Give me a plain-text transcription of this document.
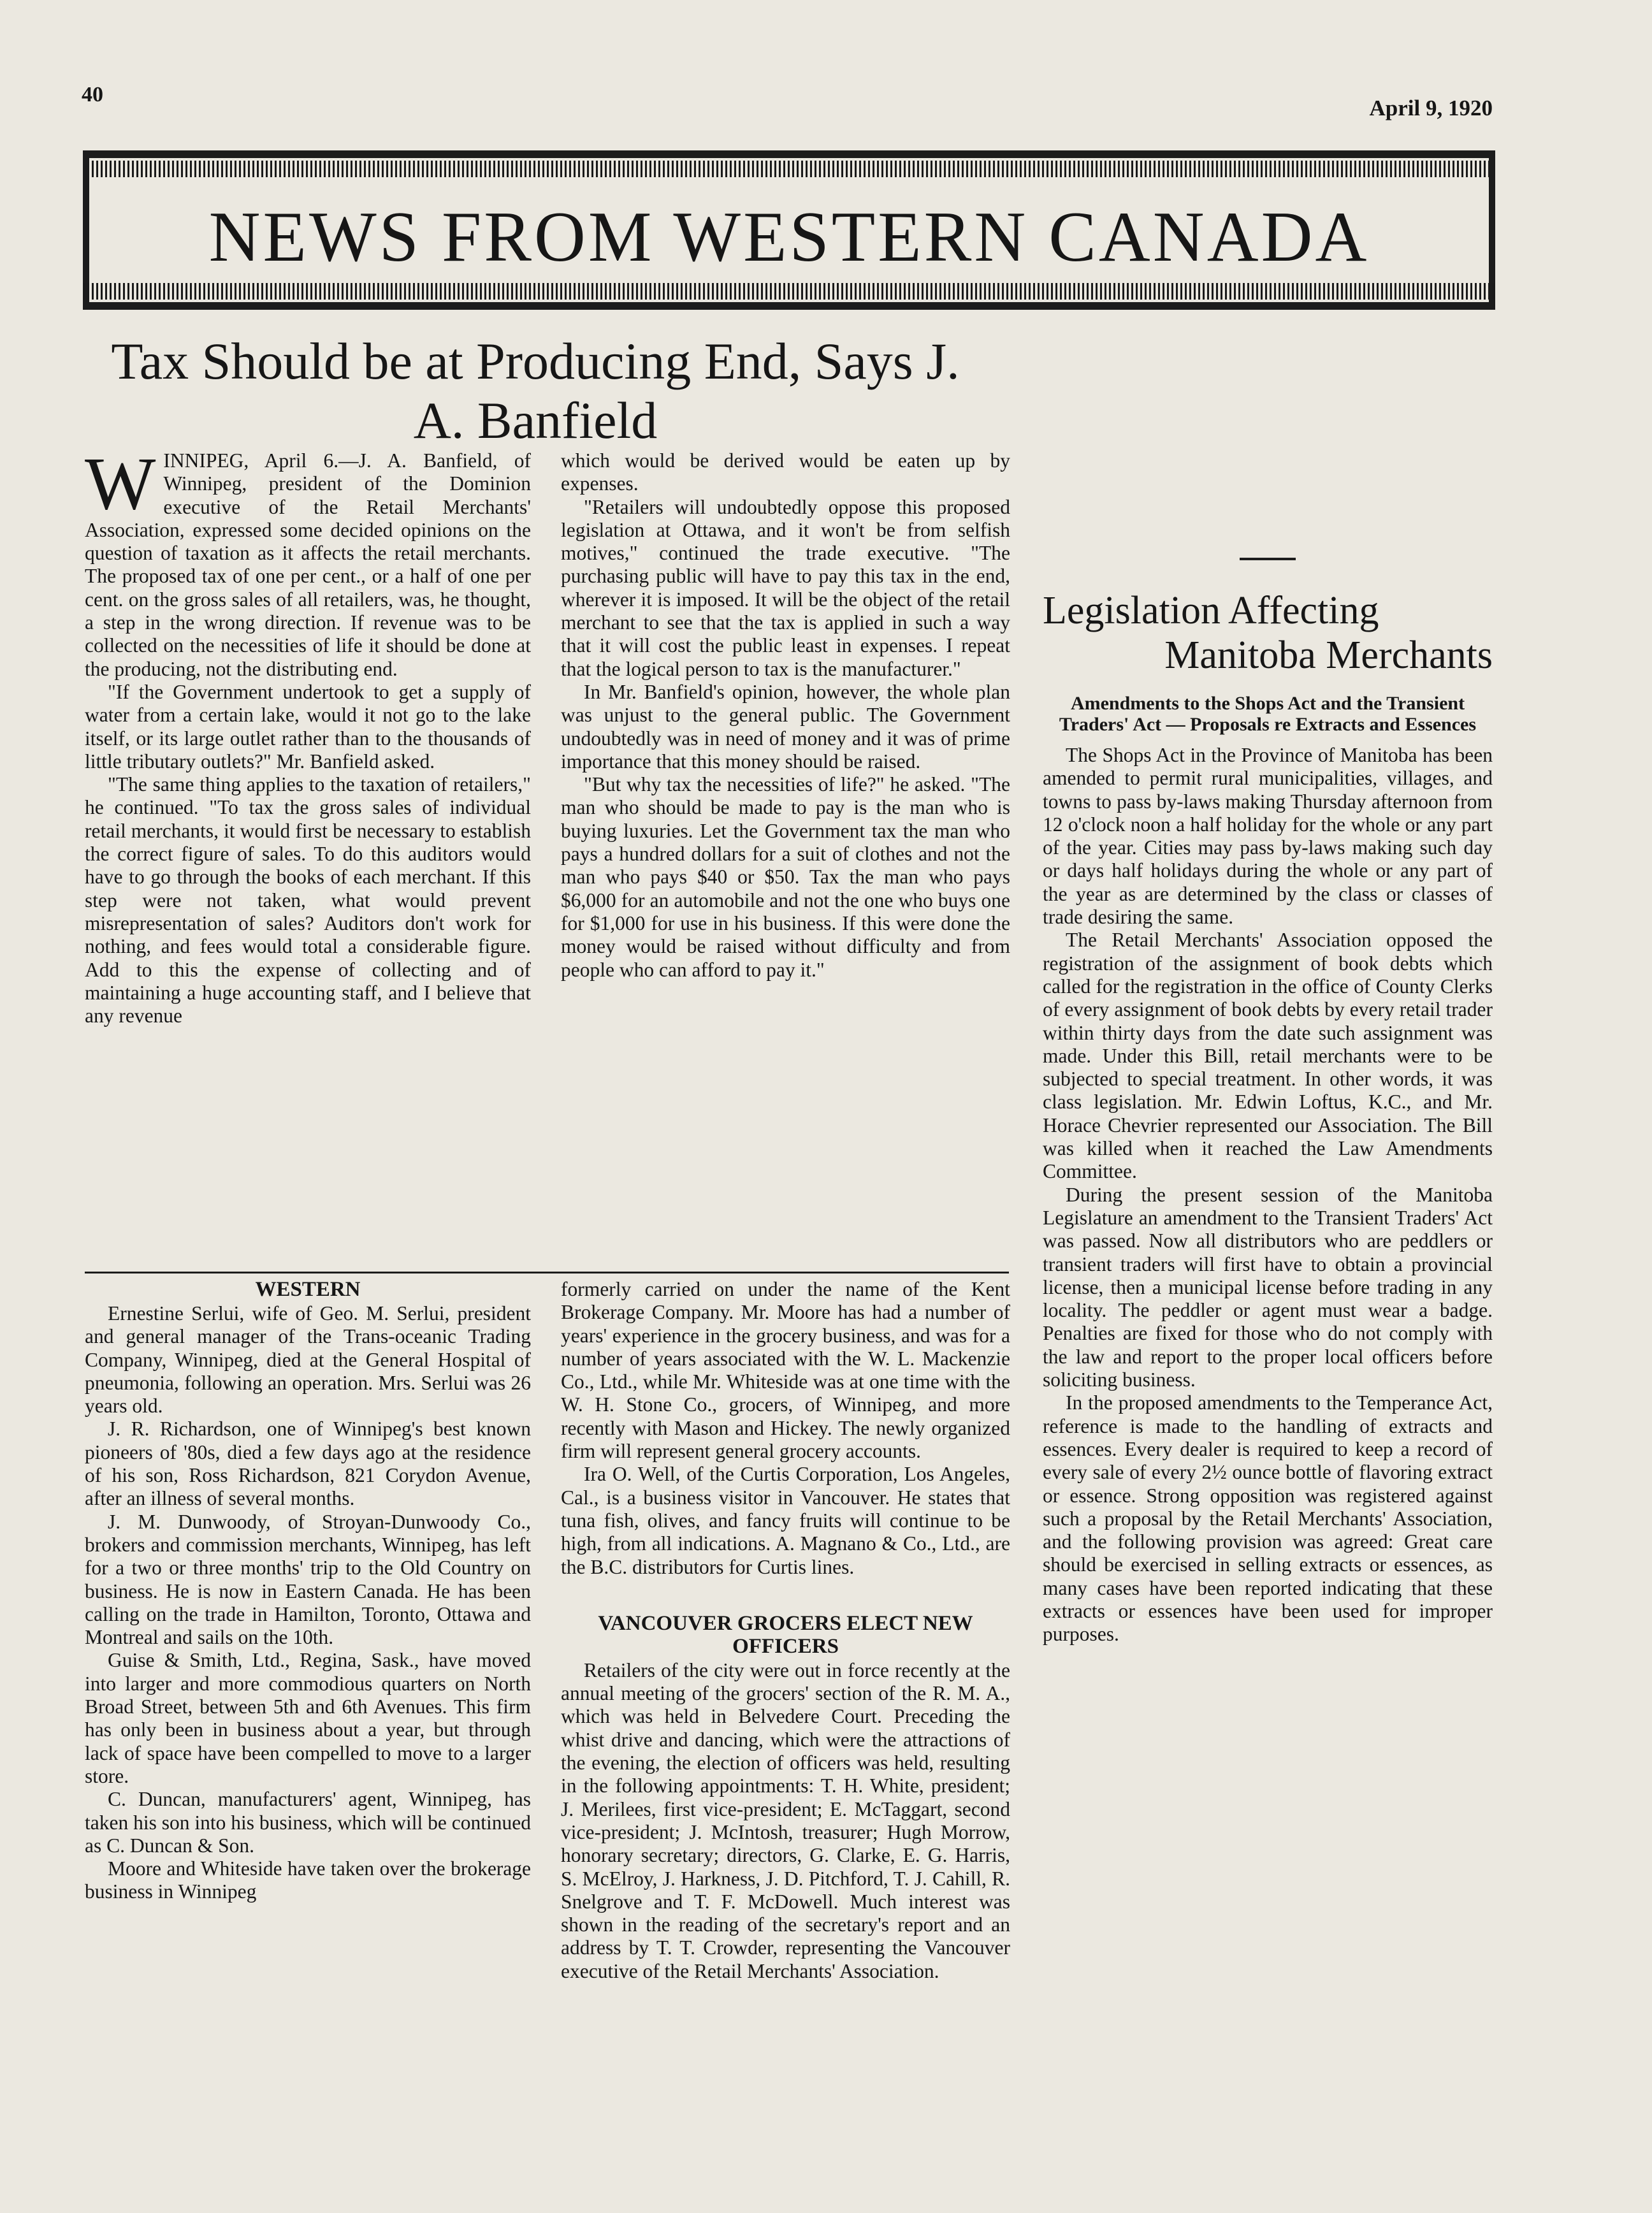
40
April 9, 1920
NEWS FROM WESTERN CANADA
Tax Should be at Producing End, Says J. A. Banfield

WINNIPEG, April 6.—J. A. Banfield, of Winnipeg, president of the Dominion executive of the Retail Merchants' Association, expressed some decided opinions on the question of taxation as it affects the retail merchants. The proposed tax of one per cent., or a half of one per cent. on the gross sales of all retailers, was, he thought, a step in the wrong direction. If revenue was to be collected on the necessities of life it should be done at the producing, not the distributing end.

"If the Government undertook to get a supply of water from a certain lake, would it not go to the lake itself, or its large outlet rather than to the thousands of little tributary outlets?" Mr. Banfield asked.

"The same thing applies to the taxation of retailers," he continued. "To tax the gross sales of individual retail merchants, it would first be necessary to establish the correct figure of sales. To do this auditors would have to go through the books of each merchant. If this step were not taken, what would prevent misrepresentation of sales? Auditors don't work for nothing, and fees would total a considerable figure. Add to this the expense of collecting and of maintaining a huge accounting staff, and I believe that any revenue

which would be derived would be eaten up by expenses.

"Retailers will undoubtedly oppose this proposed legislation at Ottawa, and it won't be from selfish motives," continued the trade executive. "The purchasing public will have to pay this tax in the end, wherever it is imposed. It will be the object of the retail merchant to see that the tax is applied in such a way that it will cost the public least in expenses. I repeat that the logical person to tax is the manufacturer."

In Mr. Banfield's opinion, however, the whole plan was unjust to the general public. The Government undoubtedly was in need of money and it was of prime importance that this money should be raised.

"But why tax the necessities of life?" he asked. "The man who should be made to pay is the man who is buying luxuries. Let the Government tax the man who pays a hundred dollars for a suit of clothes and not the man who pays $40 or $50. Tax the man who pays $6,000 for an automobile and not the one who buys one for $1,000 for use in his business. If this were done the money would be raised without difficulty and from people who can afford to pay it."

WESTERN

Ernestine Serlui, wife of Geo. M. Serlui, president and general manager of the Trans-oceanic Trading Company, Winnipeg, died at the General Hospital of pneumonia, following an operation. Mrs. Serlui was 26 years old.

J. R. Richardson, one of Winnipeg's best known pioneers of '80s, died a few days ago at the residence of his son, Ross Richardson, 821 Corydon Avenue, after an illness of several months.

J. M. Dunwoody, of Stroyan-Dunwoody Co., brokers and commission merchants, Winnipeg, has left for a two or three months' trip to the Old Country on business. He is now in Eastern Canada. He has been calling on the trade in Hamilton, Toronto, Ottawa and Montreal and sails on the 10th.

Guise & Smith, Ltd., Regina, Sask., have moved into larger and more commodious quarters on North Broad Street, between 5th and 6th Avenues. This firm has only been in business about a year, but through lack of space have been compelled to move to a larger store.

C. Duncan, manufacturers' agent, Winnipeg, has taken his son into his business, which will be continued as C. Duncan & Son.

Moore and Whiteside have taken over the brokerage business in Winnipeg

formerly carried on under the name of the Kent Brokerage Company. Mr. Moore has had a number of years' experience in the grocery business, and was for a number of years associated with the W. L. Mackenzie Co., Ltd., while Mr. Whiteside was at one time with the W. H. Stone Co., grocers, of Winnipeg, and more recently with Mason and Hickey. The newly organized firm will represent general grocery accounts.

Ira O. Well, of the Curtis Corporation, Los Angeles, Cal., is a business visitor in Vancouver. He states that tuna fish, olives, and fancy fruits will continue to be high, from all indications. A. Magnano & Co., Ltd., are the B.C. distributors for Curtis lines.

VANCOUVER GROCERS ELECT NEW OFFICERS

Retailers of the city were out in force recently at the annual meeting of the grocers' section of the R. M. A., which was held in Belvedere Court. Preceding the whist drive and dancing, which were the attractions of the evening, the election of officers was held, resulting in the following appointments: T. H. White, president; J. Merilees, first vice-president; E. McTaggart, second vice-president; J. McIntosh, treasurer; Hugh Morrow, honorary secretary; directors, G. Clarke, E. G. Harris, S. McElroy, J. Harkness, J. D. Pitchford, T. J. Cahill, R. Snelgrove and T. F. McDowell. Much interest was shown in the reading of the secretary's report and an address by T. T. Crowder, representing the Vancouver executive of the Retail Merchants' Association.

Legislation Affecting
Manitoba Merchants
Amendments to the Shops Act and the Transient Traders' Act — Proposals re Extracts and Essences

The Shops Act in the Province of Manitoba has been amended to permit rural municipalities, villages, and towns to pass by-laws making Thursday afternoon from 12 o'clock noon a half holiday for the whole or any part of the year. Cities may pass by-laws making such day or days half holidays during the whole or any part of the year as are determined by the class or classes of trade desiring the same.

The Retail Merchants' Association opposed the registration of the assignment of book debts which called for the registration in the office of County Clerks of every assignment of book debts by every retail trader within thirty days from the date such assignment was made. Under this Bill, retail merchants were to be subjected to special treatment. In other words, it was class legislation. Mr. Edwin Loftus, K.C., and Mr. Horace Chevrier represented our Association. The Bill was killed when it reached the Law Amendments Committee.

During the present session of the Manitoba Legislature an amendment to the Transient Traders' Act was passed. Now all distributors who are peddlers or transient traders will first have to obtain a provincial license, then a municipal license before trading in any locality. The peddler or agent must wear a badge. Penalties are fixed for those who do not comply with the law and report to the proper local officers before soliciting business.

In the proposed amendments to the Temperance Act, reference is made to the handling of extracts and essences. Every dealer is required to keep a record of every sale of every 2½ ounce bottle of flavoring extract or essence. Strong opposition was registered against such a proposal by the Retail Merchants' Association, and the following provision was agreed: Great care should be exercised in selling extracts or essences, as many cases have been reported indicating that these extracts or essences have been used for improper purposes.
